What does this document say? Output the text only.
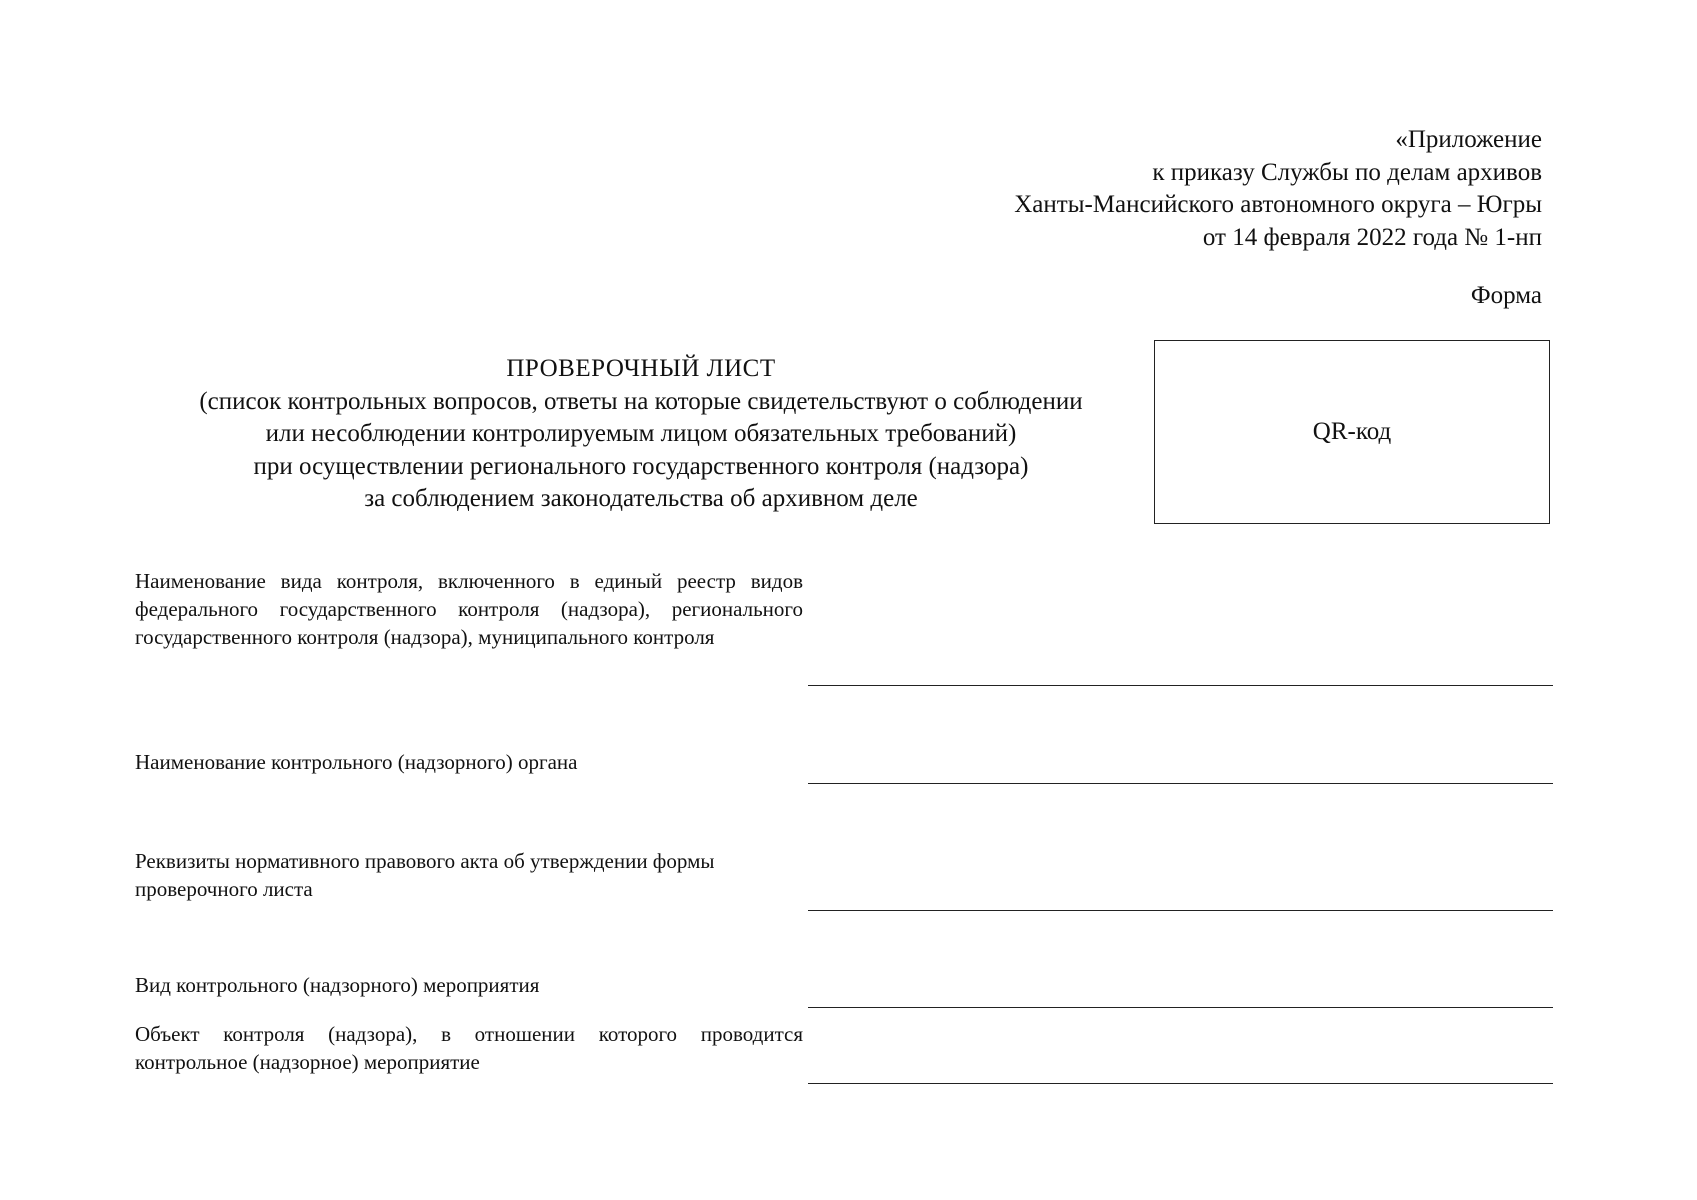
«Приложение
к приказу Службы по делам архивов
Ханты-Мансийского автономного округа – Югры
от 14 февраля 2022 года № 1-нп
Форма
ПРОВЕРОЧНЫЙ ЛИСТ
(список контрольных вопросов, ответы на которые свидетельствуют о соблюдении
или несоблюдении контролируемым лицом обязательных требований)
при осуществлении регионального государственного контроля (надзора)
за соблюдением законодательства об архивном деле
QR-код
Наименование вида контроля, включенного в единый реестр видов федерального государственного контроля (надзора), регионального государственного контроля (надзора), муниципального контроля
Наименование контрольного (надзорного) органа
Реквизиты нормативного правового акта об утверждении формы проверочного листа
Вид контрольного (надзорного) мероприятия
Объект контроля (надзора), в отношении которого проводится контрольное (надзорное) мероприятие
